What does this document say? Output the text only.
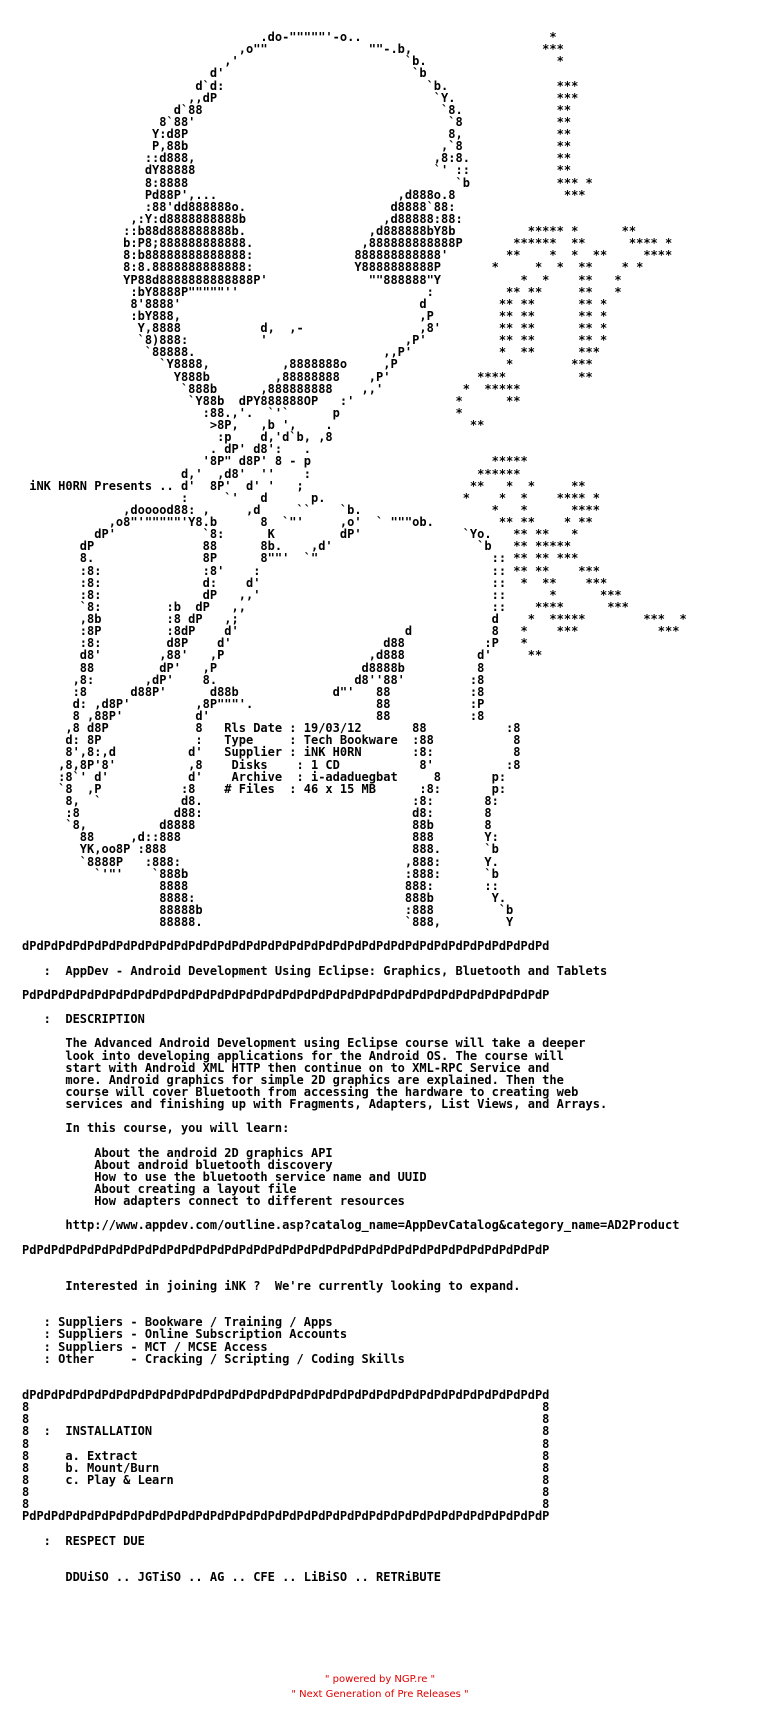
.do-"""""'-o..                          *
,o""              ""-.b,                  ***
,'                       `b.                  *
d'                          `b
d`d:                            `b.               ***
,,dP                              `Y.              ***
d`88                                 `8.             **
8`88'                                   `8             **
Y:d8P                                    8,             **
P,88b                                   ,`8             **
::d888,                                 ,8:8.            **
dY88888                                 `' ::            **
8:8888                                     `b            *** *
Pd88P',...                         ,d888o.8               ***
:88'dd888888o.                    d8888`88:
,:Y:d8888888888b                   ,d88888:88:
::b88d888888888b.                 ,d888888bY8b          ***** *      **
b:P8;888888888888.               ,888888888888P       ******  **      **** *
8:b88888888888888:              888888888888'        **    *  *  **     ****
8:8.8888888888888:              Y8888888888P       *     *  *  **    * *
YP88d8888888888888P'              ""888888"Y           *  *    **   *
:bY8888P"""""''                          :          ** **     **   *
8'8888'                                 d          ** **      ** *
:bY888,                                 ,P         ** **      ** *
Y,8888           d,  ,-                ,8'        ** **      ** *
`8)888:          '                   ,P'          ** **      ** *
`88888.                          ,,P'            *  **      ***
`Y8888,          ,8888888o     ,P               *        ***
Y888b         ,88888888    ,P'            ****          **
`888b      ,888888888    ,,'           *  *****
`Y88b  dPY888888OP   :'              *      **
:88.,'.  `'`      p                *
>8P,   ,b ',    .                   **
:p    d,'d`b, ,8
. dP' d8':   .
'8P" d8P' 8 - p                         *****
d,'  ,d8'  ''    :                       ******
iNK H0RN Presents .. d'  8P'  d' '   ;                       **   *  *     **
:     `'   d      p.                   *    *  *    **** *
,dooood88: ,     ,d     ``    `b.                  *   *      ****
,o8"'"""""'Y8.b      8  `"'     ,o'  ` """ob.         ** **    * **
dP'            `8:      K         dP'              `Yo.   ** **   *
dP               88      8b.    ,d'                    `b   ** *****
8.               8P      8""'  `"                        :: ** ** ***
:8:              :8'    :                                :: ** **    ***
:8:              d:    d'                                ::  *  **    ***
:8:              dP   ,,'                                ::      *      ***
`8:         :b  dP   ,,                                  ::    ****      ***
,8b         :8 dP   ,;                                   d    *  *****        ***  *
:8P         :8dP    d'                       d           8   *    ***           ***
:8:         d8P    d'                     d88           :P   *
d8'        ,88'   ,P                    ,d888          d'     **
88         dP'   ,P                    d8888b          8
,8:       ,dP'    8.                   d8''88'         :8
:8      d88P'      d88b             d"'   88           :8
d: ,d8P'         ,8P"""'.                 88           :P
8 ,88P'          d'                       88           :8
,8 d8P            8   Rls Date : 19/03/12       88           :8
d: 8P             :   Type     : Tech Bookware  :88           8
8',8:,d          d'   Supplier : iNK H0RN       :8:           8
,8,8P'8'          ,8    Disks    : 1 CD           8'          :8
:8`' d'           d'    Archive  : i-adaduegbat     8       p:
`8  ,P           :8    # Files  : 46 x 15 MB      :8:       p:
8,  `           d8.                             :8:       8:
:8             d88:                             d8:       8
`8,          d8888                              88b       8
88     ,d::888                                888       Y:
YK,oo8P :888                                  888.      `b
`8888P   :888:                               ,888:      Y.
`'"'    `888b                              :888:      `b
8888                              888:       ::
8888:                             888b        Y.
88888b                            :888         `b
88888.                            `888,         Y

dPdPdPdPdPdPdPdPdPdPdPdPdPdPdPdPdPdPdPdPdPdPdPdPdPdPdPdPdPdPdPdPdPdPdPdPd

:  AppDev - Android Development Using Eclipse: Graphics, Bluetooth and Tablets

PdPdPdPdPdPdPdPdPdPdPdPdPdPdPdPdPdPdPdPdPdPdPdPdPdPdPdPdPdPdPdPdPdPdPdPdP

:  DESCRIPTION

The Advanced Android Development using Eclipse course will take a deeper
look into developing applications for the Android OS. The course will
start with Android XML HTTP then continue on to XML-RPC Service and
more. Android graphics for simple 2D graphics are explained. Then the
course will cover Bluetooth from accessing the hardware to creating web
services and finishing up with Fragments, Adapters, List Views, and Arrays.

In this course, you will learn:

About the android 2D graphics API
About android bluetooth discovery
How to use the bluetooth service name and UUID
About creating a layout file
How adapters connect to different resources

http://www.appdev.com/outline.asp?catalog_name=AppDevCatalog&category_name=AD2Product

PdPdPdPdPdPdPdPdPdPdPdPdPdPdPdPdPdPdPdPdPdPdPdPdPdPdPdPdPdPdPdPdPdPdPdPdP

Interested in joining iNK ?  We're currently looking to expand.

: Suppliers - Bookware / Training / Apps
: Suppliers - Online Subscription Accounts
: Suppliers - MCT / MCSE Access
: Other     - Cracking / Scripting / Coding Skills

dPdPdPdPdPdPdPdPdPdPdPdPdPdPdPdPdPdPdPdPdPdPdPdPdPdPdPdPdPdPdPdPdPdPdPdPd
8                                                                       8
8                                                                       8
8  :  INSTALLATION                                                      8
8                                                                       8
8     a. Extract                                                        8
8     b. Mount/Burn                                                     8
8     c. Play & Learn                                                   8
8                                                                       8
8                                                                       8
PdPdPdPdPdPdPdPdPdPdPdPdPdPdPdPdPdPdPdPdPdPdPdPdPdPdPdPdPdPdPdPdPdPdPdPdP

:  RESPECT DUE

DDUiSO .. JGTiSO .. AG .. CFE .. LiBiSO .. RETRiBUTE
" powered by NGP.re "
" Next Generation of Pre Releases "
